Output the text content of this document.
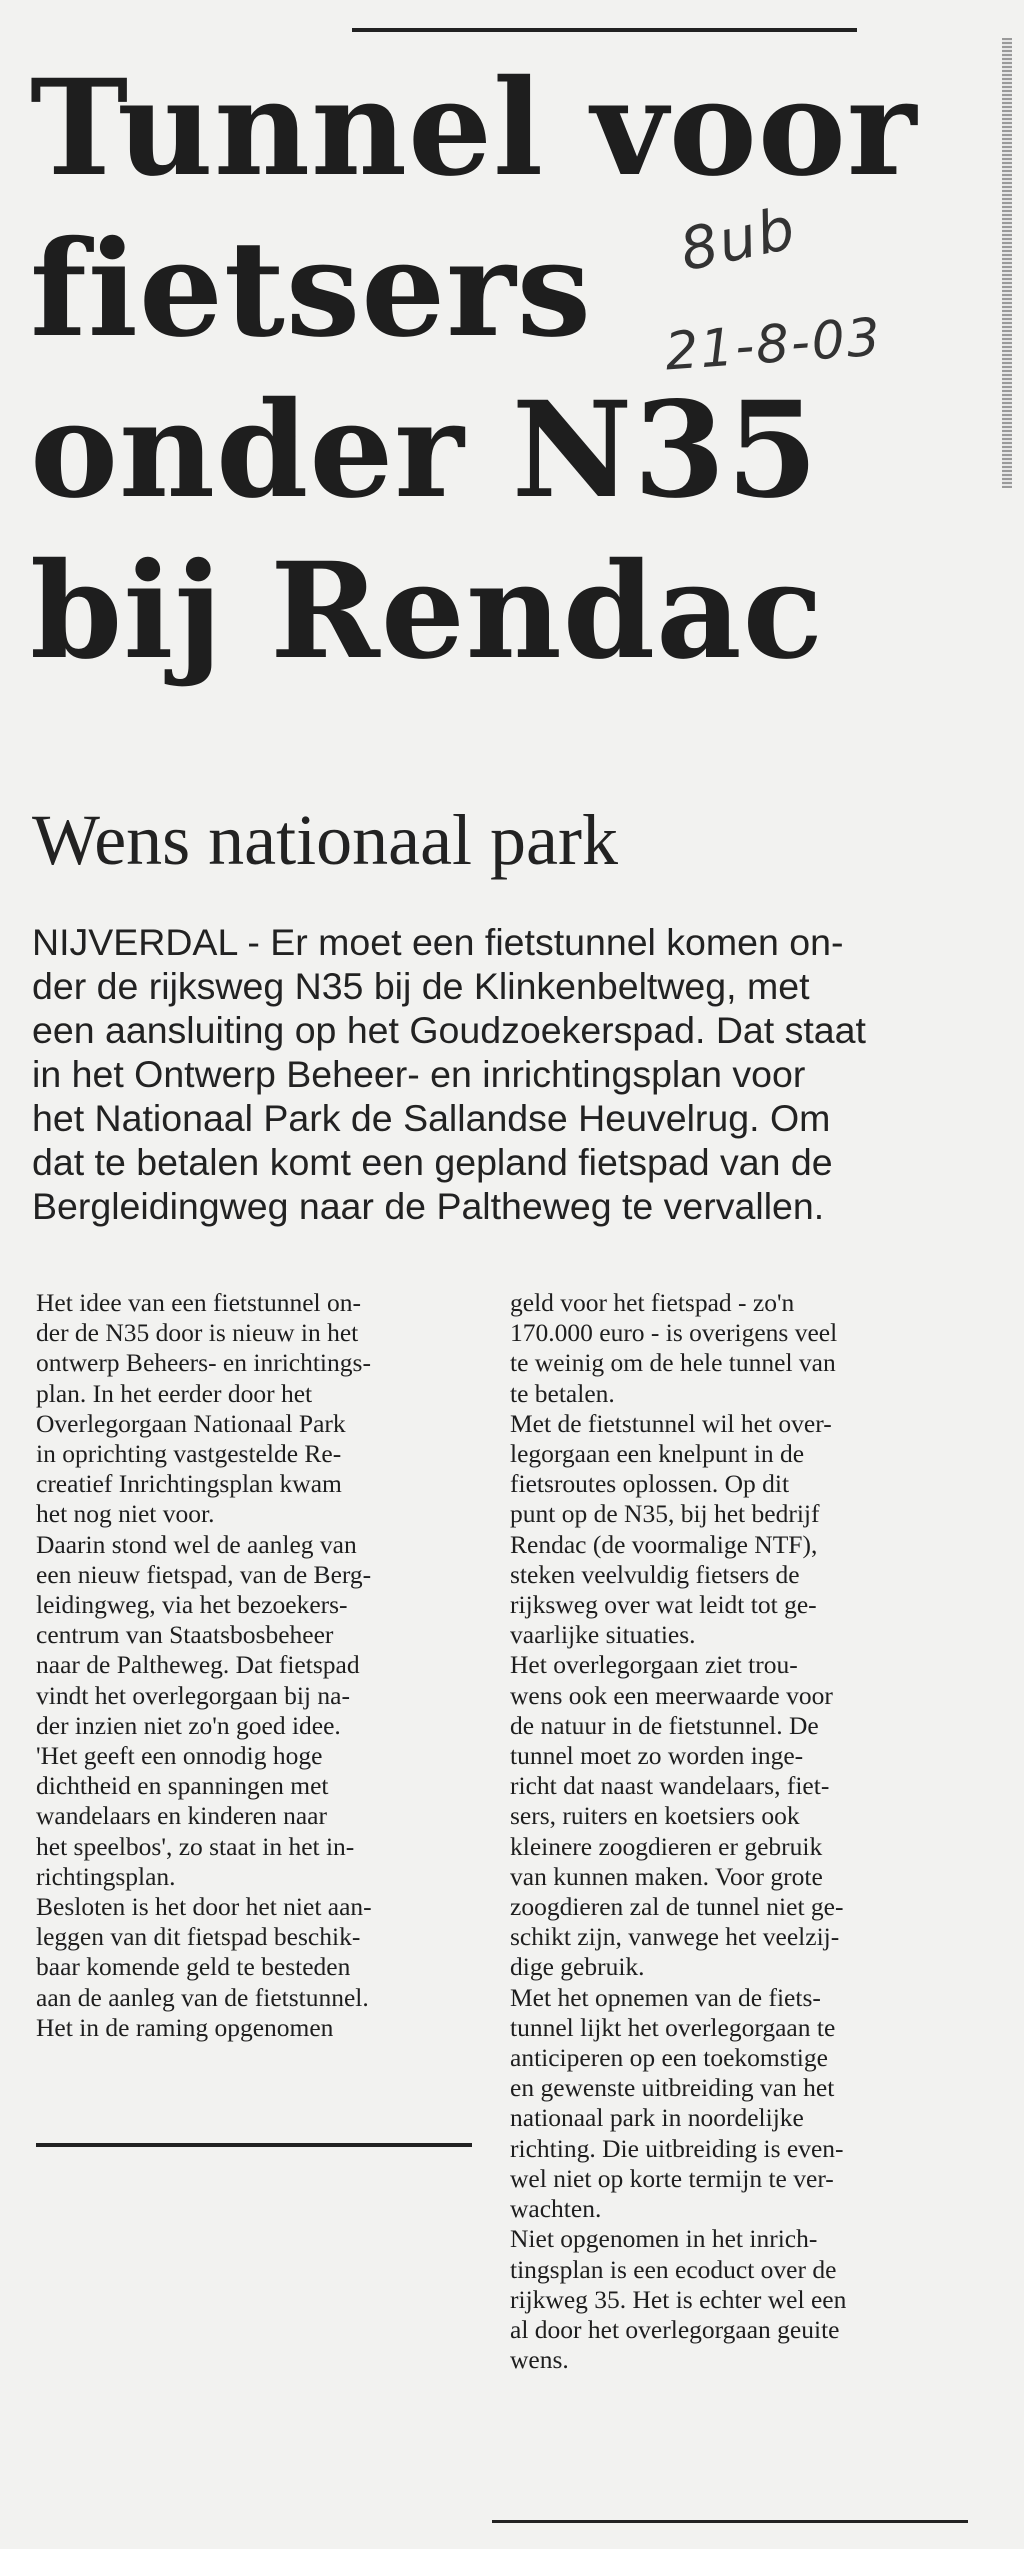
Tunnel voor
fietsers
onder N35
bij Rendac
8ub
21-8-03
Wens nationaal park

NIJVERDAL - Er moet een fietstunnel komen on-
der de rijksweg N35 bij de Klinkenbeltweg, met
een aansluiting op het Goudzoekerspad. Dat staat
in het Ontwerp Beheer- en inrichtingsplan voor
het Nationaal Park de Sallandse Heuvelrug. Om
dat te betalen komt een gepland fietspad van de
Bergleidingweg naar de Paltheweg te vervallen.

Het idee van een fietstunnel on-
der de N35 door is nieuw in het
ontwerp Beheers- en inrichtings-
plan. In het eerder door het
Overlegorgaan Nationaal Park
in oprichting vastgestelde Re-
creatief Inrichtingsplan kwam
het nog niet voor.
Daarin stond wel de aanleg van
een nieuw fietspad, van de Berg-
leidingweg, via het bezoekers-
centrum van Staatsbosbeheer
naar de Paltheweg. Dat fietspad
vindt het overlegorgaan bij na-
der inzien niet zo'n goed idee.
'Het geeft een onnodig hoge
dichtheid en spanningen met
wandelaars en kinderen naar
het speelbos', zo staat in het in-
richtingsplan.
Besloten is het door het niet aan-
leggen van dit fietspad beschik-
baar komende geld te besteden
aan de aanleg van de fietstunnel.
Het in de raming opgenomen
geld voor het fietspad - zo'n
170.000 euro - is overigens veel
te weinig om de hele tunnel van
te betalen.
Met de fietstunnel wil het over-
legorgaan een knelpunt in de
fietsroutes oplossen. Op dit
punt op de N35, bij het bedrijf
Rendac (de voormalige NTF),
steken veelvuldig fietsers de
rijksweg over wat leidt tot ge-
vaarlijke situaties.
Het overlegorgaan ziet trou-
wens ook een meerwaarde voor
de natuur in de fietstunnel. De
tunnel moet zo worden inge-
richt dat naast wandelaars, fiet-
sers, ruiters en koetsiers ook
kleinere zoogdieren er gebruik
van kunnen maken. Voor grote
zoogdieren zal de tunnel niet ge-
schikt zijn, vanwege het veelzij-
dige gebruik.
Met het opnemen van de fiets-
tunnel lijkt het overlegorgaan te
anticiperen op een toekomstige
en gewenste uitbreiding van het
nationaal park in noordelijke
richting. Die uitbreiding is even-
wel niet op korte termijn te ver-
wachten.
Niet opgenomen in het inrich-
tingsplan is een ecoduct over de
rijkweg 35. Het is echter wel een
al door het overlegorgaan geuite
wens.
